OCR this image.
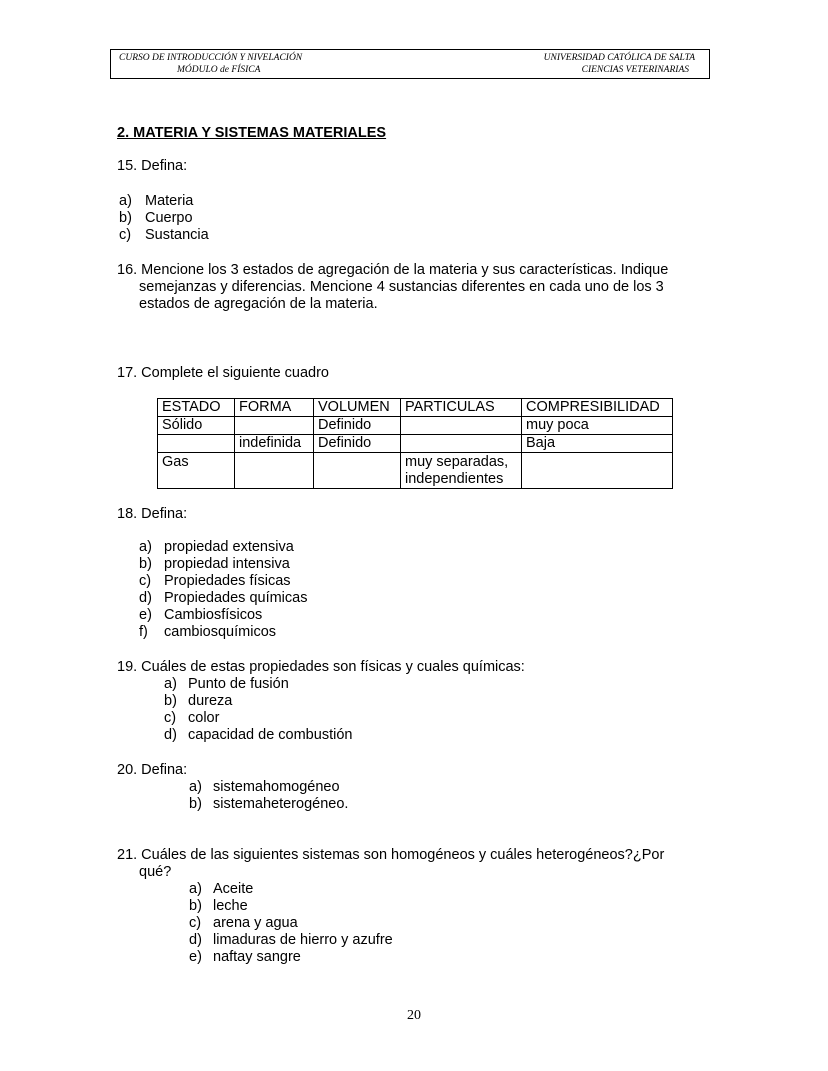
CURSO DE INTRODUCCIÓN Y NIVELACIÓN
MÓDULO de FÍSICA
UNIVERSIDAD CATÓLICA DE SALTA
CIENCIAS VETERINARIAS
2. MATERIA Y SISTEMAS MATERIALES
15. Defina:
a) Materia
b) Cuerpo
c) Sustancia
16. Mencione los 3 estados de agregación de la materia y sus características. Indique
semejanzas y diferencias. Mencione 4 sustancias diferentes en cada uno de los 3
estados de agregación de la materia.
17. Complete el siguiente cuadro
ESTADO	FORMA	VOLUMEN	PARTICULAS	COMPRESIBILIDAD
Sólido		Definido		muy poca
	indefinida	Definido		Baja
Gas			muy separadas,
independientes	

18. Defina:
a) propiedad extensiva
b) propiedad intensiva
c) Propiedades físicas
d) Propiedades químicas
e) Cambiosfísicos
f) cambiosquímicos
19. Cuáles de estas propiedades son físicas y cuales químicas:
a) Punto de fusión
b) dureza
c) color
d) capacidad de combustión
20. Defina:
a) sistemahomogéneo
b) sistemaheterogéneo.
21. Cuáles de las siguientes sistemas son homogéneos y cuáles heterogéneos?¿Por
qué?
a) Aceite
b) leche
c) arena y agua
d) limaduras de hierro y azufre
e) naftay sangre
20
